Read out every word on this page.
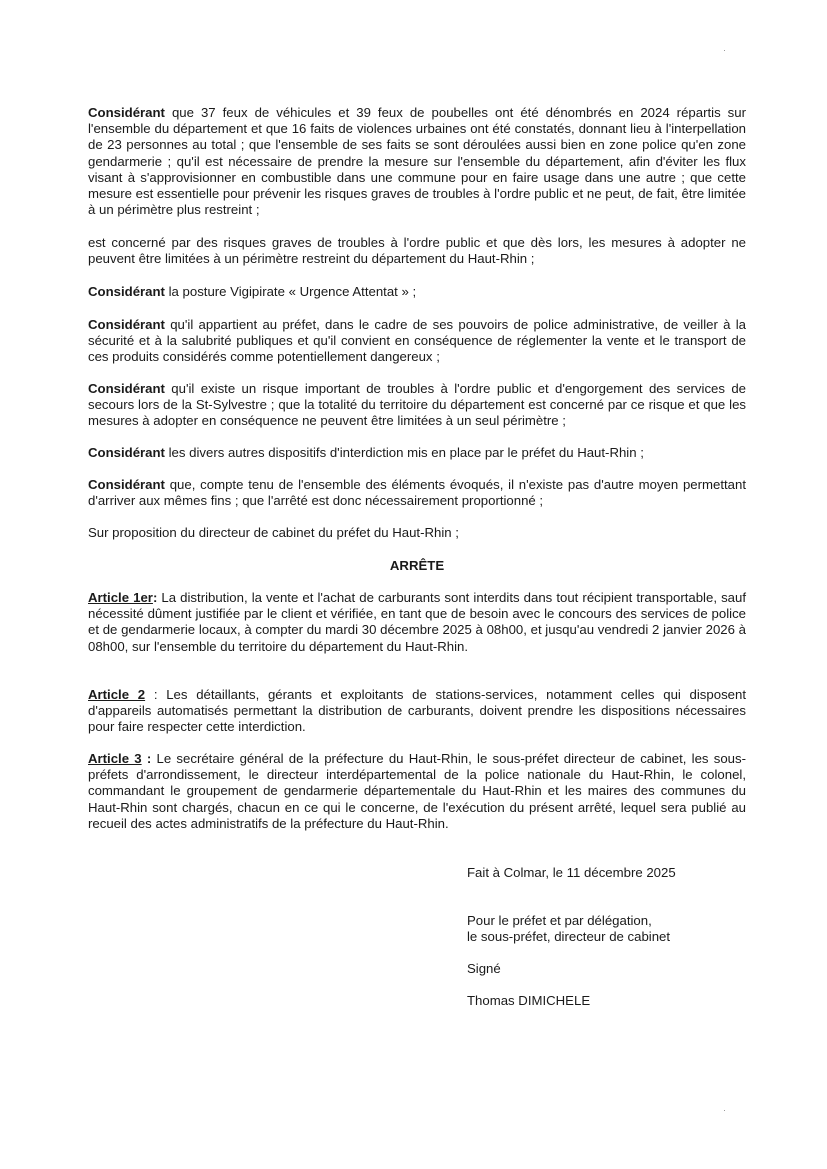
Considérant que 37 feux de véhicules et 39 feux de poubelles ont été dénombrés en 2024 répartis sur l'ensemble du département et que 16 faits de violences urbaines ont été constatés, donnant lieu à l'interpellation de 23 personnes au total ; que l'ensemble de ses faits se sont déroulées aussi bien en zone police qu'en zone gendarmerie ; qu'il est nécessaire de prendre la mesure sur l'ensemble du département, afin d'éviter les flux visant à s'approvisionner en combustible dans une commune pour en faire usage dans une autre ; que cette mesure est essentielle pour prévenir les risques graves de troubles à l'ordre public et ne peut, de fait, être limitée à un périmètre plus restreint ;

est concerné par des risques graves de troubles à l'ordre public et que dès lors, les mesures à adopter ne peuvent être limitées à un périmètre restreint du département du Haut-Rhin ;

Considérant la posture Vigipirate « Urgence Attentat » ;

Considérant qu'il appartient au préfet, dans le cadre de ses pouvoirs de police administrative, de veiller à la sécurité et à la salubrité publiques et qu'il convient en conséquence de réglementer la vente et le transport de ces produits considérés comme potentiellement dangereux ;

Considérant qu'il existe un risque important de troubles à l'ordre public et d'engorgement des services de secours lors de la St-Sylvestre ; que la totalité du territoire du département est concerné par ce risque et que les mesures à adopter en conséquence ne peuvent être limitées à un seul périmètre ;

Considérant les divers autres dispositifs d'interdiction mis en place par le préfet du Haut-Rhin ;

Considérant que, compte tenu de l'ensemble des éléments évoqués, il n'existe pas d'autre moyen permettant d'arriver aux mêmes fins ; que l'arrêté est donc nécessairement proportionné ;

Sur proposition du directeur de cabinet du préfet du Haut-Rhin ;

ARRÊTE

Article 1er: La distribution, la vente et l'achat de carburants sont interdits dans tout récipient transportable, sauf nécessité dûment justifiée par le client et vérifiée, en tant que de besoin avec le concours des services de police et de gendarmerie locaux, à compter du mardi 30 décembre 2025 à 08h00, et jusqu'au vendredi 2 janvier 2026 à 08h00, sur l'ensemble du territoire du département du Haut-Rhin.

Article 2 : Les détaillants, gérants et exploitants de stations-services, notamment celles qui disposent d'appareils automatisés permettant la distribution de carburants, doivent prendre les dispositions nécessaires pour faire respecter cette interdiction.

Article 3 : Le secrétaire général de la préfecture du Haut-Rhin, le sous-préfet directeur de cabinet, les sous-préfets d'arrondissement, le directeur interdépartemental de la police nationale du Haut-Rhin, le colonel, commandant le groupement de gendarmerie départementale du Haut-Rhin et les maires des communes du Haut-Rhin sont chargés, chacun en ce qui le concerne, de l'exécution du présent arrêté, lequel sera publié au recueil des actes administratifs de la préfecture du Haut-Rhin.

Fait à Colmar, le 11 décembre 2025

Pour le préfet et par délégation,

le sous-préfet, directeur de cabinet

Signé

Thomas DIMICHELE
